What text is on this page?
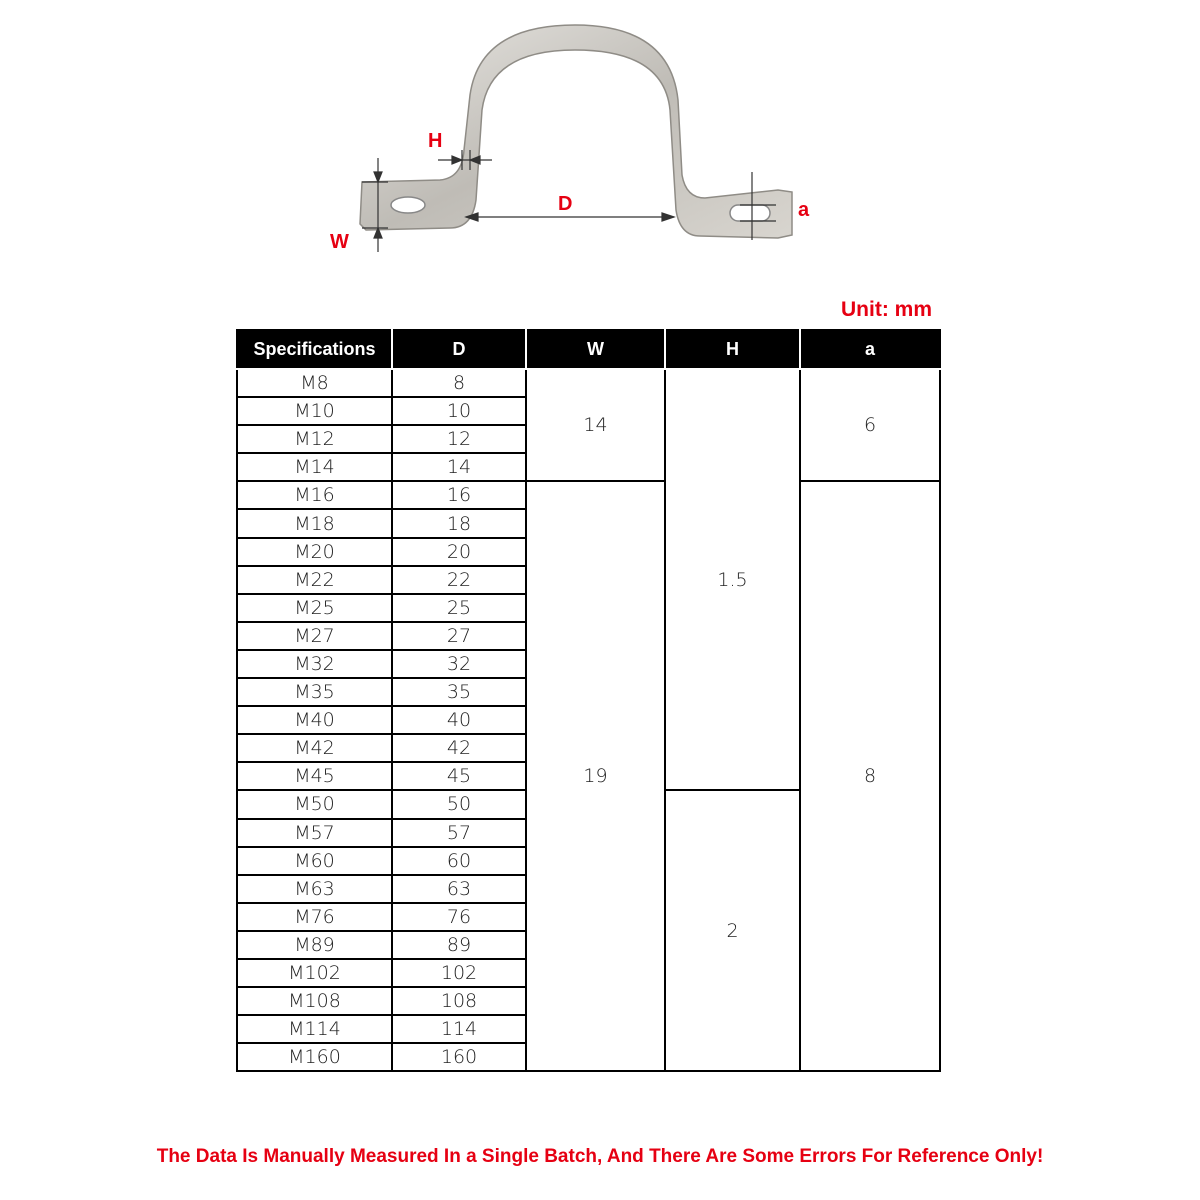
H
D
W
a
Unit: mm
Specifications	D	W	H	a
M8	8	14	1.5	6
M10	10			
M12	12			
M14	14			
M16	16	19		8
M18	18			
M20	20			
M22	22			
M25	25			
M27	27			
M32	32			
M35	35			
M40	40			
M42	42			
M45	45			
M50	50		2	
M57	57			
M60	60			
M63	63			
M76	76			
M89	89			
M102	102			
M108	108			
M114	114			
M160	160			
The Data Is Manually Measured In a Single Batch, And There Are Some Errors For Reference Only!
